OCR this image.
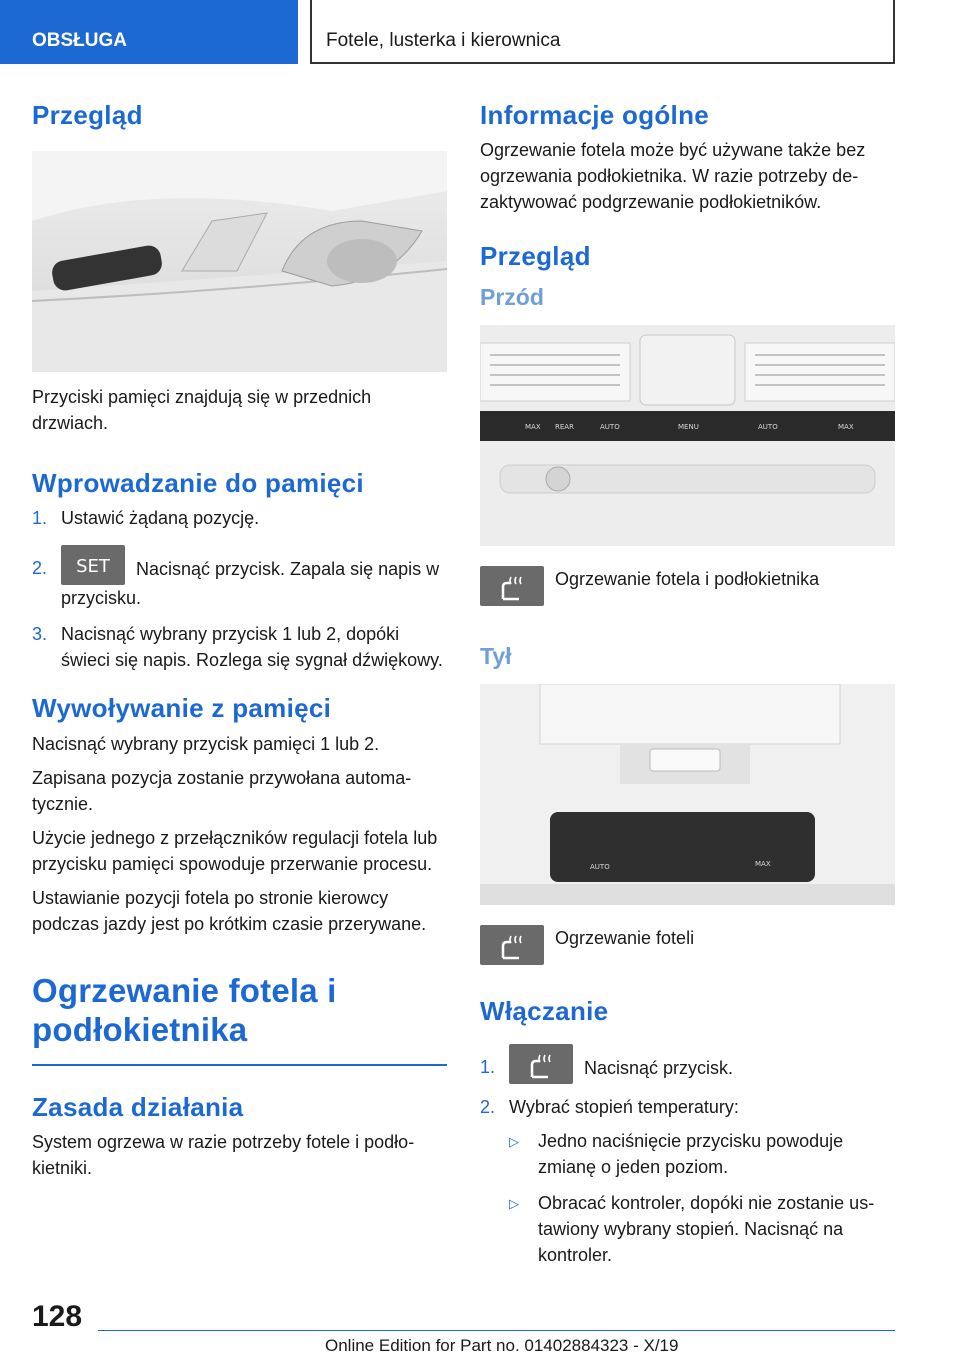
OBSŁUGA	Fotele, lusterka i kierownica
Przegląd

Przyciski pamięci znajdują się w przednich drzwiach.

Wprowadzanie do pamięci
1. Ustawić żądaną pozycję.
2.	SET	Nacisnąć przycisk. Zapala się napis w przycisku.
3. Nacisnąć wybrany przycisk 1 lub 2, dopóki świeci się napis. Rozlega się sygnał dźwiękowy.
Wywoływanie z pamięci

Nacisnąć wybrany przycisk pamięci 1 lub 2.

Zapisana pozycja zostanie przywołana automatycznie.

Użycie jednego z przełączników regulacji fotela lub przycisku pamięci spowoduje przerwanie procesu.

Ustawianie pozycji fotela po stronie kierowcy podczas jazdy jest po krótkim czasie przerywane.

Ogrzewanie fotela i podłokietnika
Zasada działania

System ogrzewa w razie potrzeby fotele i podłokietniki.

Informacje ogólne

Ogrzewanie fotela może być używane także bez ogrzewania podłokietnika. W razie potrzeby dezaktywować podgrzewanie podłokietników.

Przegląd
Przód
MAX REAR	AUTO	MENU	AUTO	MAX
Ogrzewanie fotela i podłokietnika
Tył
AUTO	MAX
Ogrzewanie foteli
Włączanie
1.	Nacisnąć przycisk.
2. Wybrać stopień temperatury:
▷ Jedno naciśnięcie przycisku powoduje zmianę o jeden poziom.
▷ Obracać kontroler, dopóki nie zostanie ustawiony wybrany stopień. Nacisnąć na kontroler.
128
Online Edition for Part no. 01402884323 - X/19
